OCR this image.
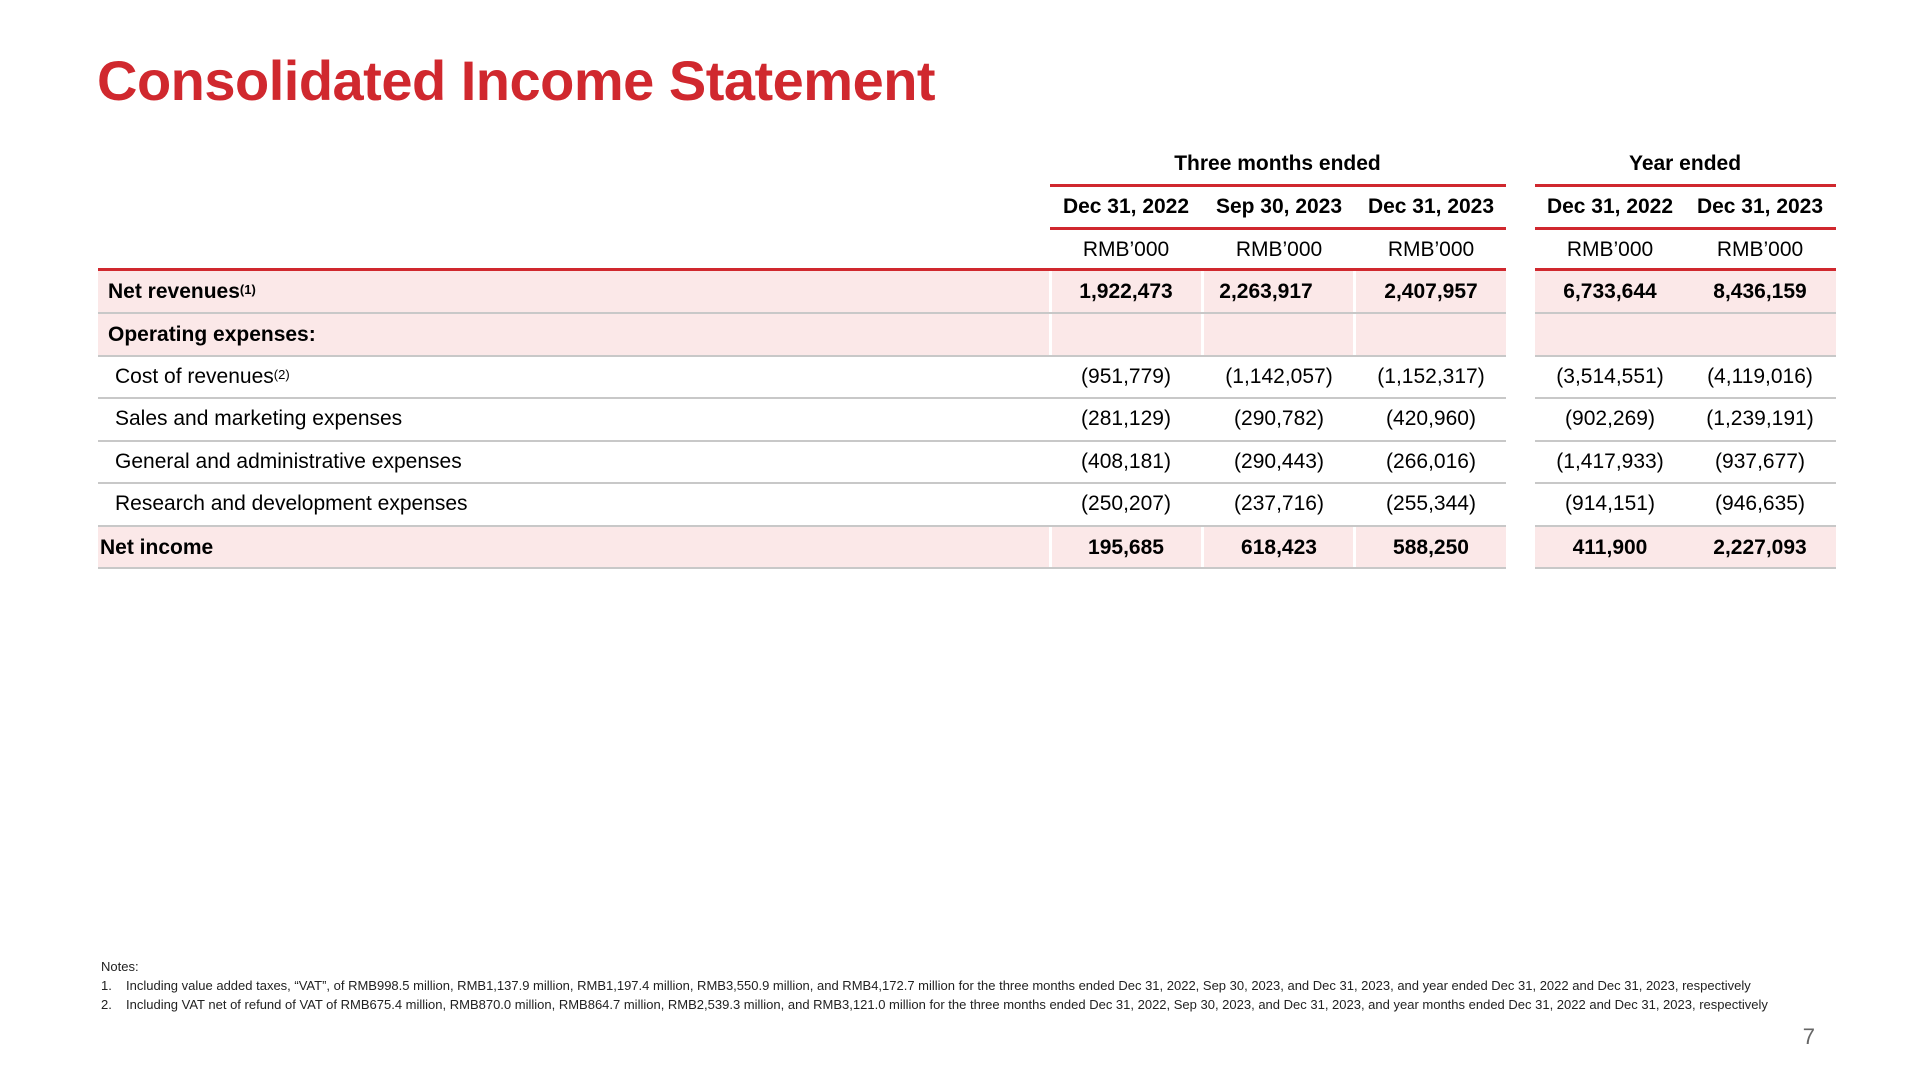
Consolidated Income Statement
Three months ended	Year ended
Dec 31, 2022	Sep 30, 2023	Dec 31, 2023	Dec 31, 2022	Dec 31, 2023
RMB’000	RMB’000	RMB’000	RMB’000	RMB’000
Net revenues$^{(1)}$	1,922,473	2,263,917	2,407,957	6,733,644	8,436,159
Operating expenses:
Cost of revenues$^{(2)}$	(951,779)	(1,142,057)	(1,152,317)	(3,514,551)	(4,119,016)
Sales and marketing expenses	(281,129)	(290,782)	(420,960)	(902,269)	(1,239,191)
General and administrative expenses	(408,181)	(290,443)	(266,016)	(1,417,933)	(937,677)
Research and development expenses	(250,207)	(237,716)	(255,344)	(914,151)	(946,635)
Net income	195,685	618,423	588,250	411,900	2,227,093
Notes:
1. Including value added taxes, “VAT”, of RMB998.5 million, RMB1,137.9 million, RMB1,197.4 million, RMB3,550.9 million, and RMB4,172.7 million for the three months ended Dec 31, 2022, Sep 30, 2023, and Dec 31, 2023, and year ended Dec 31, 2022 and Dec 31, 2023, respectively
2. Including VAT net of refund of VAT of RMB675.4 million, RMB870.0 million, RMB864.7 million, RMB2,539.3 million, and RMB3,121.0 million for the three months ended Dec 31, 2022, Sep 30, 2023, and Dec 31, 2023, and year months ended Dec 31, 2022 and Dec 31, 2023, respectively
7
